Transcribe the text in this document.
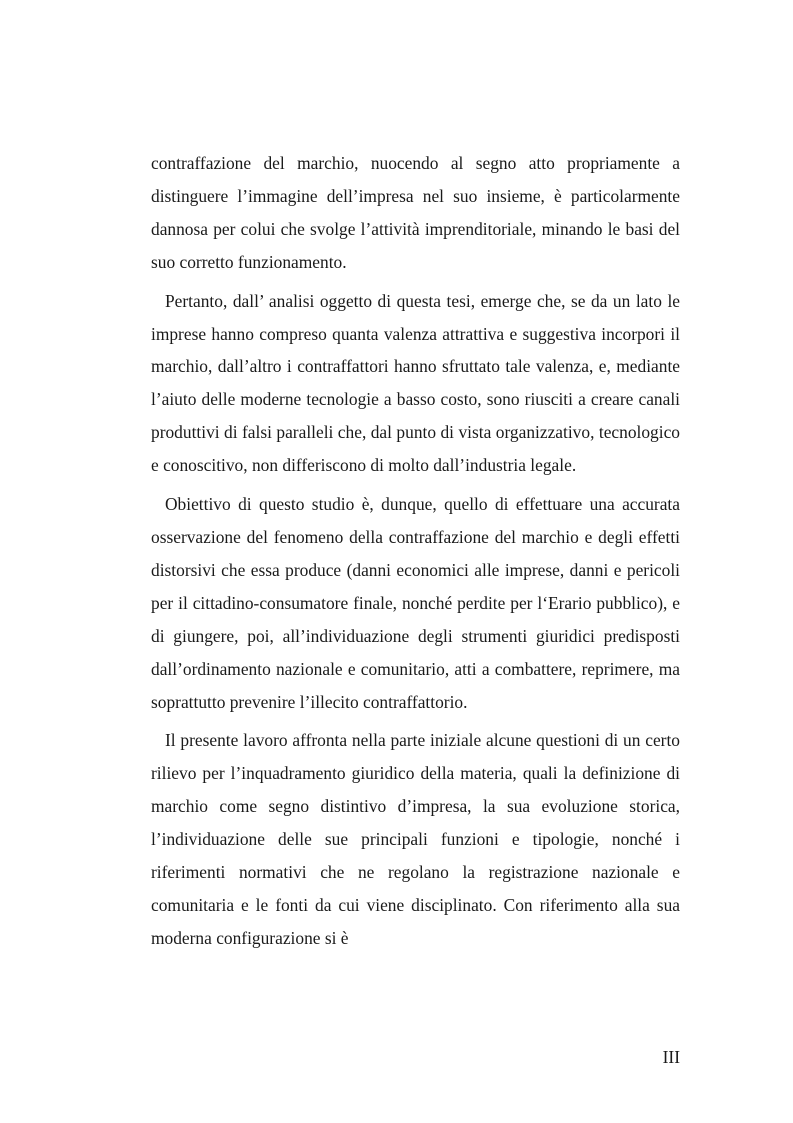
contraffazione del marchio, nuocendo al segno atto propriamente a distinguere l’immagine dell’impresa nel suo insieme, è particolarmente dannosa per colui che svolge l’attività imprenditoriale, minando le basi del suo corretto funzionamento.

Pertanto, dall’ analisi oggetto di questa tesi, emerge che, se da un lato le imprese hanno compreso quanta valenza attrattiva e suggestiva incorpori il marchio, dall’altro i contraffattori hanno sfruttato tale valenza, e, mediante l’aiuto delle moderne tecnologie a basso costo, sono riusciti a creare canali produttivi di falsi paralleli che, dal punto di vista organizzativo, tecnologico e conoscitivo, non differiscono di molto dall’industria legale.

Obiettivo di questo studio è, dunque, quello di effettuare una accurata osservazione del fenomeno della contraffazione del marchio e degli effetti distorsivi che essa produce (danni economici alle imprese, danni e pericoli per il cittadino-consumatore finale, nonché perdite per l‘Erario pubblico), e di giungere, poi, all’individuazione degli strumenti giuridici predisposti dall’ordinamento nazionale e comunitario, atti a combattere, reprimere, ma soprattutto prevenire l’illecito contraffattorio.

Il presente lavoro affronta nella parte iniziale alcune questioni di un certo rilievo per l’inquadramento giuridico della materia, quali la definizione di marchio come segno distintivo d’impresa, la sua evoluzione storica, l’individuazione delle sue principali funzioni e tipologie, nonché i riferimenti normativi che ne regolano la registrazione nazionale e comunitaria e le fonti da cui viene disciplinato. Con riferimento alla sua moderna configurazione si è

III
